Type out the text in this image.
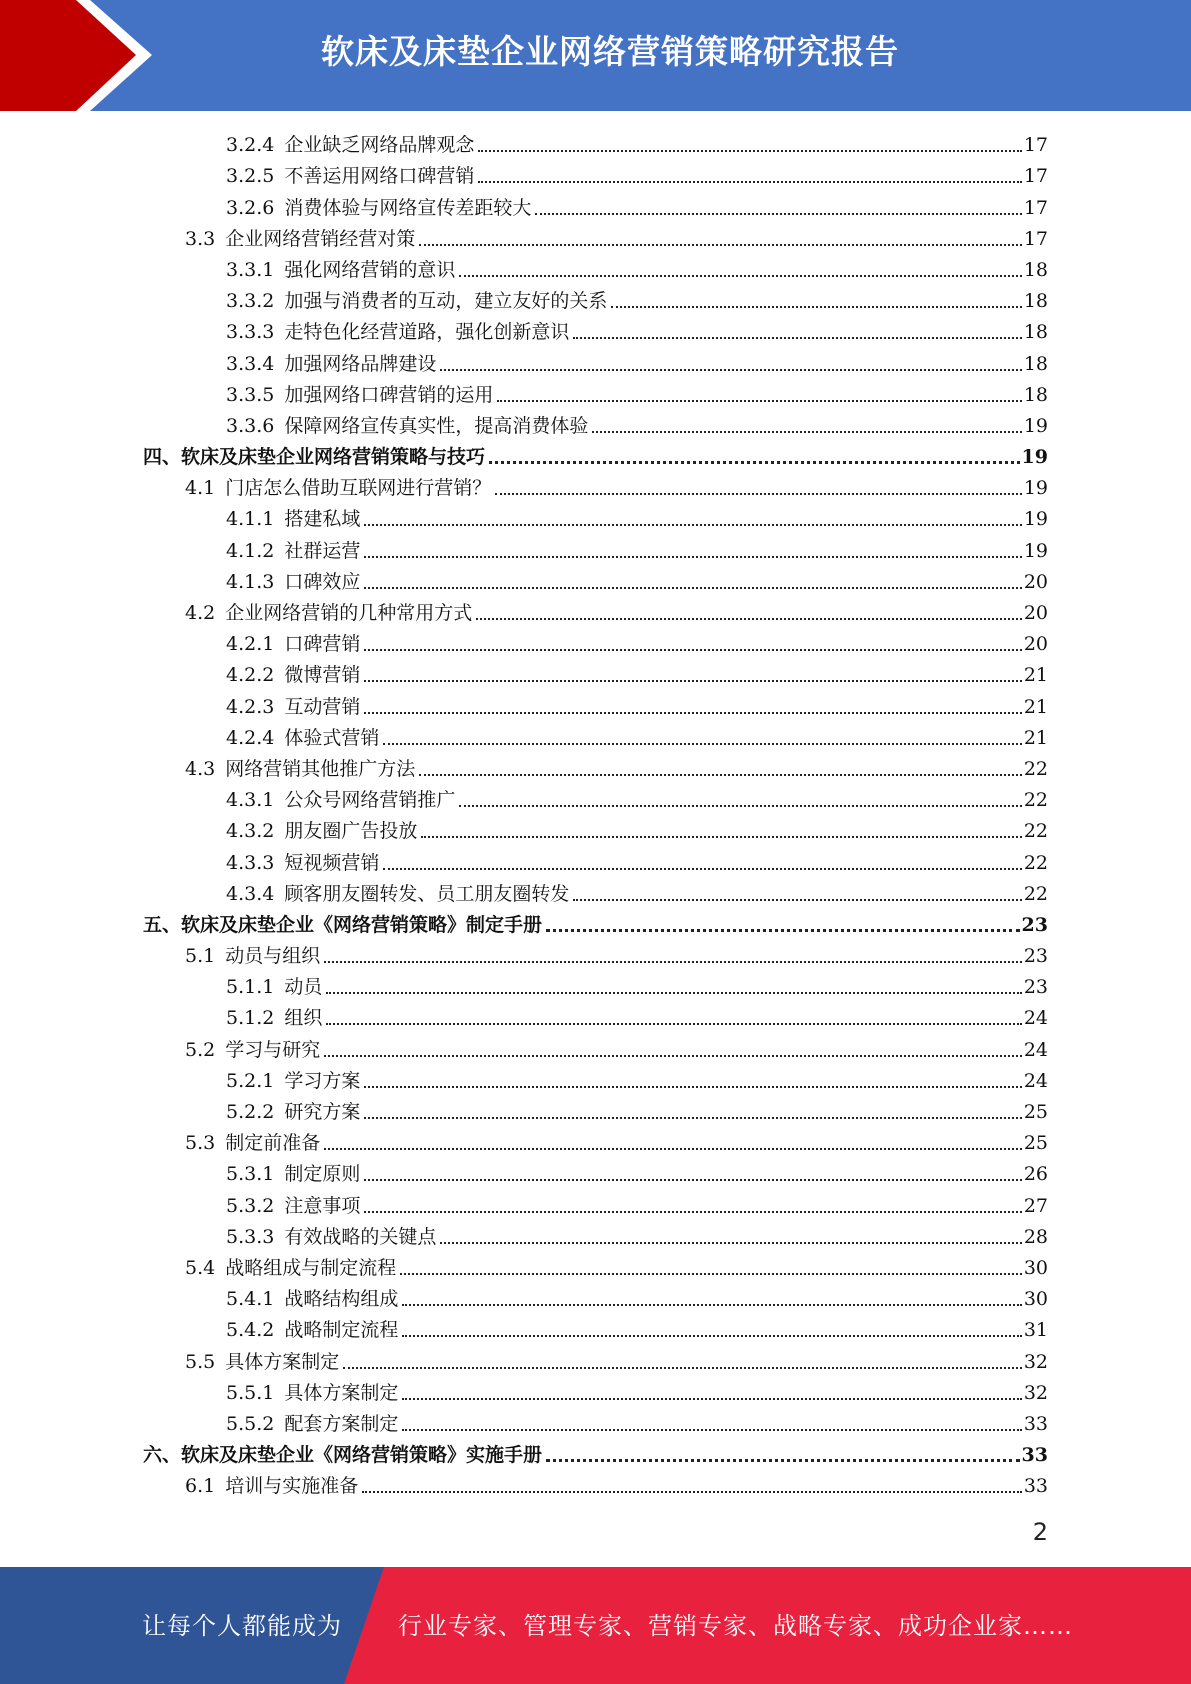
软床及床垫企业网络营销策略研究报告
3.2.4 企业缺乏网络品牌观念	17
3.2.5 不善运用网络口碑营销	17
3.2.6 消费体验与网络宣传差距较大	17
3.3 企业网络营销经营对策	17
3.3.1 强化网络营销的意识	18
3.3.2 加强与消费者的互动，建立友好的关系	18
3.3.3 走特色化经营道路，强化创新意识	18
3.3.4 加强网络品牌建设	18
3.3.5 加强网络口碑营销的运用	18
3.3.6 保障网络宣传真实性，提高消费体验	19
四、软床及床垫企业网络营销策略与技巧	19
4.1 门店怎么借助互联网进行营销？	19
4.1.1 搭建私域	19
4.1.2 社群运营	19
4.1.3 口碑效应	20
4.2 企业网络营销的几种常用方式	20
4.2.1 口碑营销	20
4.2.2 微博营销	21
4.2.3 互动营销	21
4.2.4 体验式营销	21
4.3 网络营销其他推广方法	22
4.3.1 公众号网络营销推广	22
4.3.2 朋友圈广告投放	22
4.3.3 短视频营销	22
4.3.4 顾客朋友圈转发、员工朋友圈转发	22
五、软床及床垫企业《网络营销策略》制定手册	23
5.1 动员与组织	23
5.1.1 动员	23
5.1.2 组织	24
5.2 学习与研究	24
5.2.1 学习方案	24
5.2.2 研究方案	25
5.3 制定前准备	25
5.3.1 制定原则	26
5.3.2 注意事项	27
5.3.3 有效战略的关键点	28
5.4 战略组成与制定流程	30
5.4.1 战略结构组成	30
5.4.2 战略制定流程	31
5.5 具体方案制定	32
5.5.1 具体方案制定	32
5.5.2 配套方案制定	33
六、软床及床垫企业《网络营销策略》实施手册	33
6.1 培训与实施准备	33
2
让每个人都能成为 行业专家、管理专家、营销专家、战略专家、成功企业家……
